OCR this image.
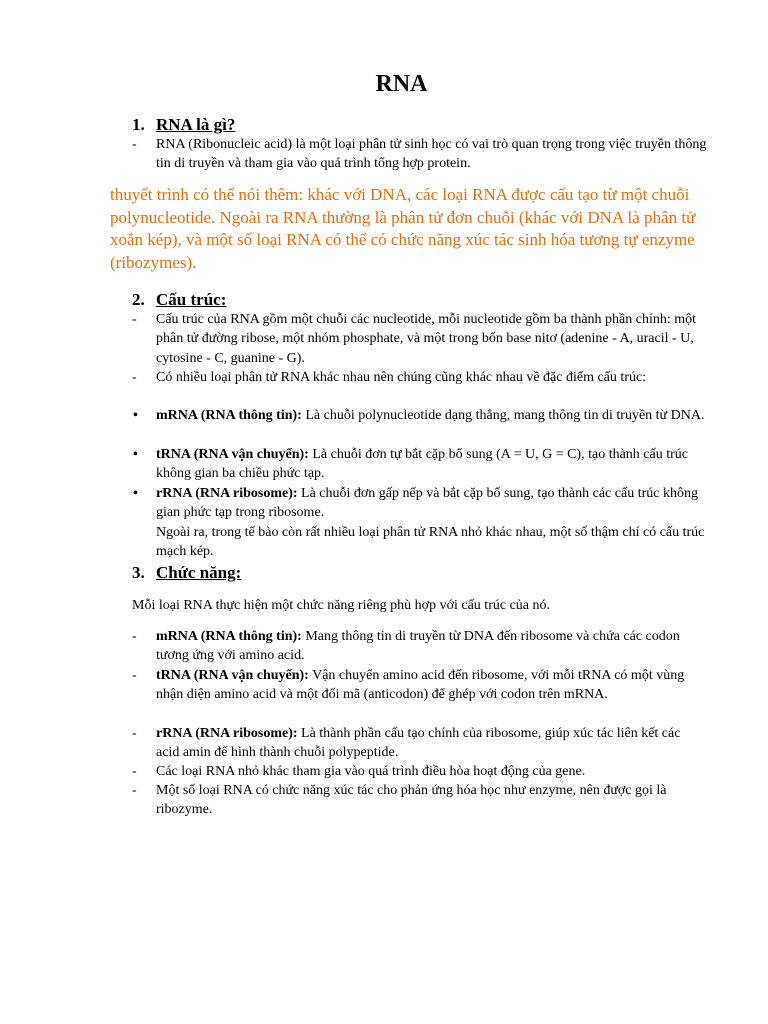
RNA
1. RNA là gì?
-	RNA (Ribonucleic acid) là một loại phân tử sinh học có vai trò quan trọng trong việc truyền thông tin di truyền và tham gia vào quá trình tổng hợp protein.
thuyết trình có thể nói thêm: khác với DNA, các loại RNA được cấu tạo từ một chuỗi polynucleotide. Ngoài ra RNA thường là phân tử đơn chuỗi (khác với DNA là phân tử xoắn kép), và một số loại RNA có thể có chức năng xúc tác sinh hóa tương tự enzyme (ribozymes).
2. Cấu trúc:
-	Cấu trúc của RNA gồm một chuỗi các nucleotide, mỗi nucleotide gồm ba thành phần chính: một phân tử đường ribose, một nhóm phosphate, và một trong bốn base nitơ (adenine - A, uracil - U, cytosine - C, guanine - G).
-	Có nhiều loại phân tử RNA khác nhau nên chúng cũng khác nhau về đặc điểm cấu trúc:
•	mRNA (RNA thông tin): Là chuỗi polynucleotide dạng thẳng, mang thông tin di truyền từ DNA.
•	tRNA (RNA vận chuyển): Là chuỗi đơn tự bắt cặp bổ sung (A = U, G = C), tạo thành cấu trúc không gian ba chiều phức tạp.
•	rRNA (RNA ribosome): Là chuỗi đơn gấp nếp và bắt cặp bổ sung, tạo thành các cấu trúc không gian phức tạp trong ribosome.
Ngoài ra, trong tế bào còn rất nhiều loại phân tử RNA nhỏ khác nhau, một số thậm chí có cấu trúc mạch kép.
3. Chức năng:
Mỗi loại RNA thực hiện một chức năng riêng phù hợp với cấu trúc của nó.
-	mRNA (RNA thông tin): Mang thông tin di truyền từ DNA đến ribosome và chứa các codon tương ứng với amino acid.
-	tRNA (RNA vận chuyển): Vận chuyển amino acid đến ribosome, với mỗi tRNA có một vùng nhận diện amino acid và một đối mã (anticodon) để ghép với codon trên mRNA.
-	rRNA (RNA ribosome): Là thành phần cấu tạo chính của ribosome, giúp xúc tác liên kết các acid amin để hình thành chuỗi polypeptide.
-	Các loại RNA nhỏ khác tham gia vào quá trình điều hòa hoạt động của gene.
-	Một số loại RNA có chức năng xúc tác cho phản ứng hóa học như enzyme, nên được gọi là ribozyme.
